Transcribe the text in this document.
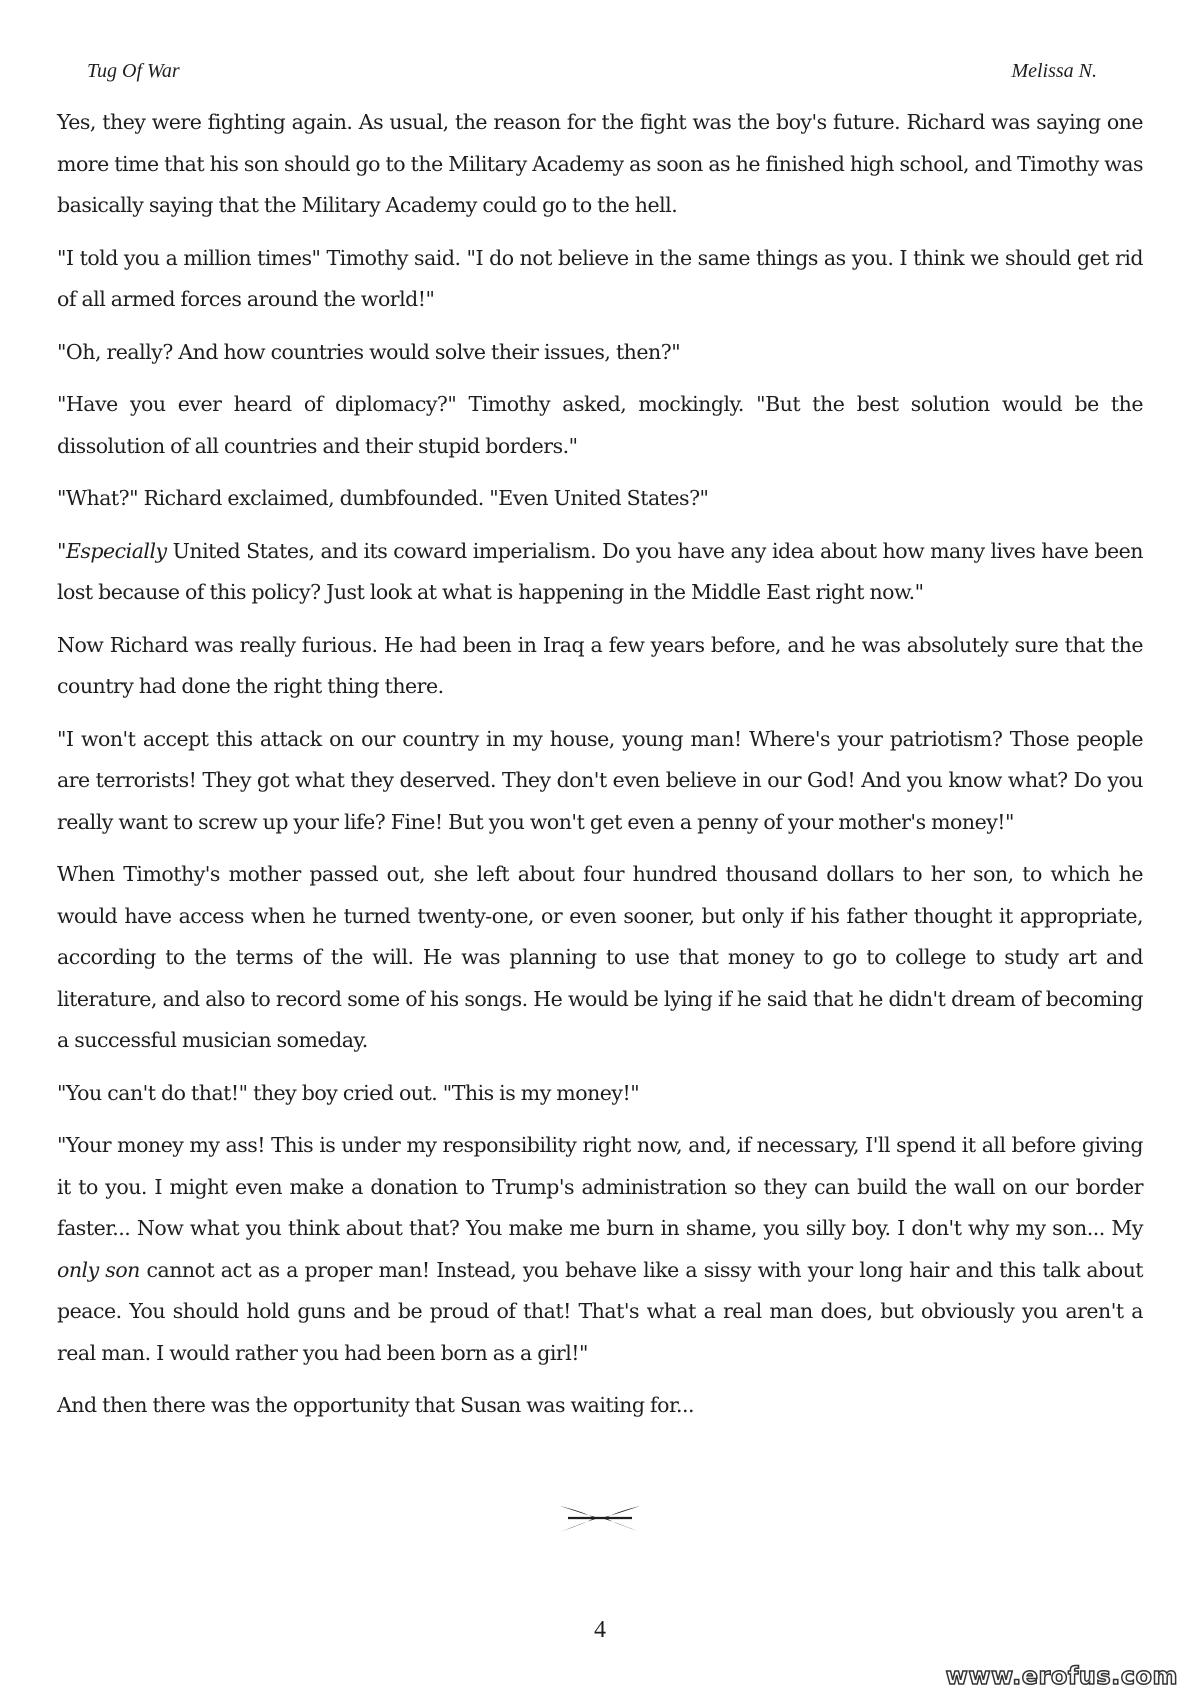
Tug Of War	Melissa N.

Yes, they were fighting again. As usual, the reason for the fight was the boy's future. Richard was saying one more time that his son should go to the Military Academy as soon as he finished high school, and Timothy was basically saying that the Military Academy could go to the hell.

"I told you a million times" Timothy said. "I do not believe in the same things as you. I think we should get rid of all armed forces around the world!"

"Oh, really? And how countries would solve their issues, then?"

"Have you ever heard of diplomacy?" Timothy asked, mockingly. "But the best solution would be the dissolution of all countries and their stupid borders."

"What?" Richard exclaimed, dumbfounded. "Even United States?"

"Especially United States, and its coward imperialism. Do you have any idea about how many lives have been lost because of this policy? Just look at what is happening in the Middle East right now."

Now Richard was really furious. He had been in Iraq a few years before, and he was absolutely sure that the country had done the right thing there.

"I won't accept this attack on our country in my house, young man! Where's your patriotism? Those people are terrorists! They got what they deserved. They don't even believe in our God! And you know what? Do you really want to screw up your life? Fine! But you won't get even a penny of your mother's money!"

When Timothy's mother passed out, she left about four hundred thousand dollars to her son, to which he would have access when he turned twenty-one, or even sooner, but only if his father thought it appropriate, according to the terms of the will. He was planning to use that money to go to college to study art and literature, and also to record some of his songs. He would be lying if he said that he didn't dream of becoming a successful musician someday.

"You can't do that!" they boy cried out. "This is my money!"

"Your money my ass! This is under my responsibility right now, and, if necessary, I'll spend it all before giving it to you. I might even make a donation to Trump's administration so they can build the wall on our border faster... Now what you think about that? You make me burn in shame, you silly boy. I don't why my son... My only son cannot act as a proper man! Instead, you behave like a sissy with your long hair and this talk about peace. You should hold guns and be proud of that! That's what a real man does, but obviously you aren't a real man. I would rather you had been born as a girl!"

And then there was the opportunity that Susan was waiting for...

4
www.erofus.com
